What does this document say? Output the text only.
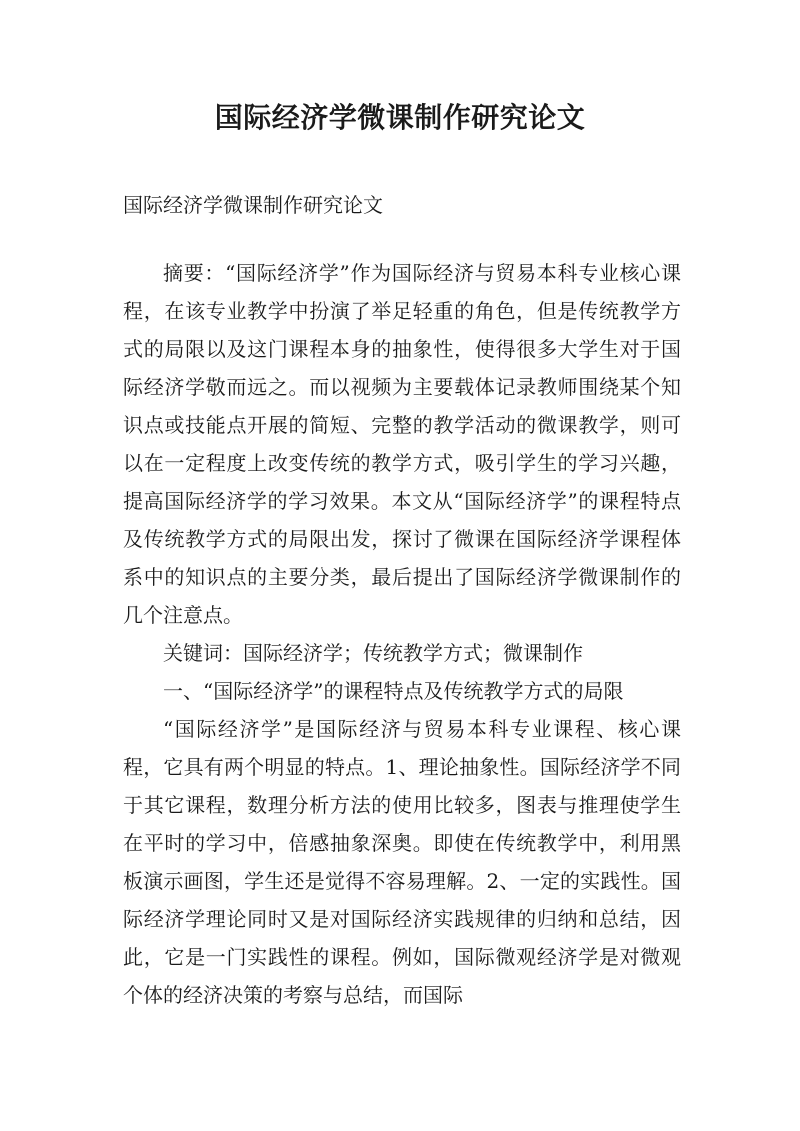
国际经济学微课制作研究论文

国际经济学微课制作研究论文

摘要：“国际经济学”作为国际经济与贸易本科专业核心课程，在该专业教学中扮演了举足轻重的角色，但是传统教学方式的局限以及这门课程本身的抽象性，使得很多大学生对于国际经济学敬而远之。而以视频为主要载体记录教师围绕某个知识点或技能点开展的简短、完整的教学活动的微课教学，则可以在一定程度上改变传统的教学方式，吸引学生的学习兴趣，提高国际经济学的学习效果。本文从“国际经济学”的课程特点及传统教学方式的局限出发，探讨了微课在国际经济学课程体系中的知识点的主要分类，最后提出了国际经济学微课制作的几个注意点。

关键词：国际经济学；传统教学方式；微课制作

一、“国际经济学”的课程特点及传统教学方式的局限

“国际经济学”是国际经济与贸易本科专业课程、核心课程，它具有两个明显的特点。1、理论抽象性。国际经济学不同于其它课程，数理分析方法的使用比较多，图表与推理使学生在平时的学习中，倍感抽象深奥。即使在传统教学中，利用黑板演示画图，学生还是觉得不容易理解。2、一定的实践性。国际经济学理论同时又是对国际经济实践规律的归纳和总结，因此，它是一门实践性的课程。例如，国际微观经济学是对微观个体的经济决策的考察与总结，而国际
